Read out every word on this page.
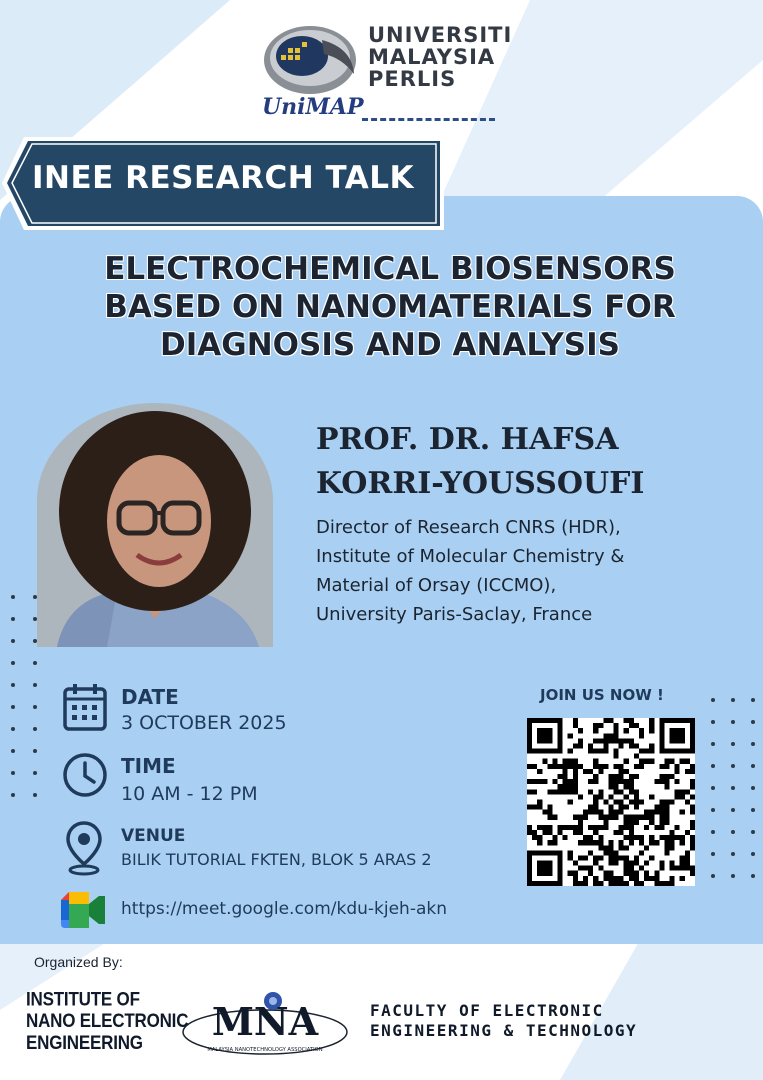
UniMAP
UNIVERSITI
MALAYSIA
PERLIS
INEE RESEARCH TALK
ELECTROCHEMICAL BIOSENSORS
BASED ON NANOMATERIALS FOR
DIAGNOSIS AND ANALYSIS
PROF. DR. HAFSA
KORRI-YOUSSOUFI
Director of Research CNRS (HDR),
Institute of Molecular Chemistry &
Material of Orsay (ICCMO),
University Paris-Saclay, France
DATE
3 OCTOBER 2025
TIME
10 AM - 12 PM
VENUE
BILIK TUTORIAL FKTEN, BLOK 5 ARAS 2
https://meet.google.com/kdu-kjeh-akn
JOIN US NOW !
Organized By:
INSTITUTE OF
NANO ELECTRONIC
ENGINEERING	MNA
MALAYSIA NANOTECHNOLOGY ASSOCIATION
FACULTY OF ELECTRONIC
ENGINEERING & TECHNOLOGY
